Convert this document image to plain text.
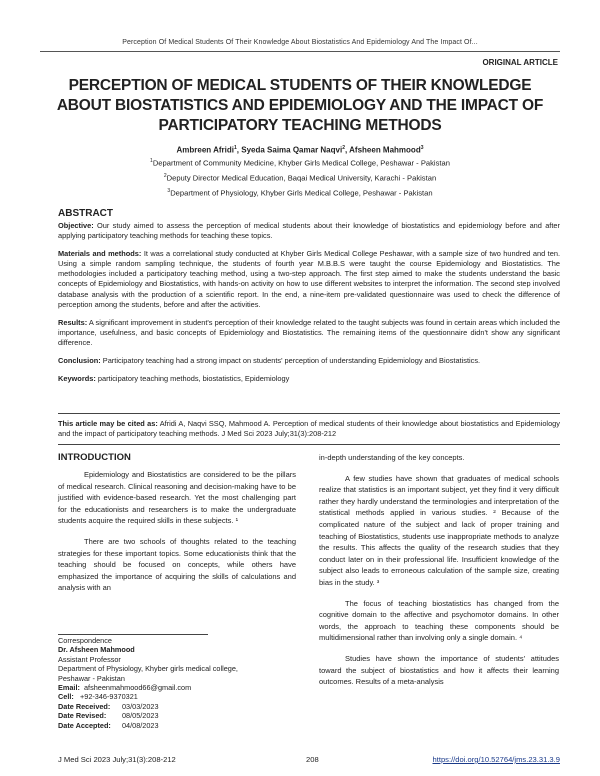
Perception Of Medical Students Of Their Knowledge About Biostatistics And Epidemiology And The Impact Of...
ORIGINAL ARTICLE
PERCEPTION OF MEDICAL STUDENTS OF THEIR KNOWLEDGE ABOUT BIOSTATISTICS AND EPIDEMIOLOGY AND THE IMPACT OF PARTICIPATORY TEACHING METHODS
Ambreen Afridi$^1$, Syeda Saima Qamar Naqvi$^2$, Afsheen Mahmood$^3$
$^1$Department of Community Medicine, Khyber Girls Medical College, Peshawar - Pakistan
$^2$Deputy Director Medical Education, Baqai Medical University, Karachi - Pakistan
$^3$Department of Physiology, Khyber Girls Medical College, Peshawar - Pakistan
ABSTRACT

Objective: Our study aimed to assess the perception of medical students about their knowledge of biostatistics and epidemiology before and after applying participatory teaching methods for teaching these topics.

Materials and methods: It was a correlational study conducted at Khyber Girls Medical College Peshawar, with a sample size of two hundred and ten. Using a simple random sampling technique, the students of fourth year M.B.B.S were taught the course Epidemiology and Biostatistics. The methodologies included a participatory teaching method, using a two-step approach. The first step aimed to make the students understand the basic concepts of Epidemiology and Biostatistics, with hands-on activity on how to use different websites to interpret the information. The second step involved database analysis with the production of a scientific report. In the end, a nine-item pre-validated questionnaire was used to check the difference of perception among the students, before and after the activities.

Results: A significant improvement in student's perception of their knowledge related to the taught subjects was found in certain areas which included the importance, usefulness, and basic concepts of Epidemiology and Biostatistics. The remaining items of the questionnaire didn't show any significant difference.

Conclusion: Participatory teaching had a strong impact on students' perception of understanding Epidemiology and Biostatistics.

Keywords: participatory teaching methods, biostatistics, Epidemiology

This article may be cited as: Afridi A, Naqvi SSQ, Mahmood A. Perception of medical students of their knowledge about biostatistics and Epidemiology and the impact of participatory teaching methods. J Med Sci 2023 July;31(3):208-212
INTRODUCTION

Epidemiology and Biostatistics are considered to be the pillars of medical research. Clinical reasoning and decision-making have to be justified with evidence-based research. Yet the most challenging part for the educationists and researchers is to make the undergraduate students acquire the required skills in these subjects. ¹

There are two schools of thoughts related to the teaching strategies for these important topics. Some educationists think that the teaching should be focused on concepts, while others have emphasized the importance of acquiring the skills of calculations and analysis with an

in-depth understanding of the key concepts.

A few studies have shown that graduates of medical schools realize that statistics is an important subject, yet they find it very difficult rather they hardly understand the terminologies and interpretation of the statistical methods applied in various studies. ² Because of the complicated nature of the subject and lack of proper training and teaching of Biostatistics, students use inappropriate methods to analyze the results. This affects the quality of the research studies that they conduct later on in their professional life. Insufficient knowledge of the subject also leads to erroneous calculation of the sample size, creating bias in the study. ³

The focus of teaching biostatistics has changed from the cognitive domain to the affective and psychomotor domains. In other words, the approach to teaching these components should be multidimensional rather than involving only a single domain. ⁴

Studies have shown the importance of students' attitudes toward the subject of biostatistics and how it affects their learning outcomes. Results of a meta-analysis

Correspondence
Dr. Afsheen Mahmood
Assistant Professor
Department of Physiology, Khyber girls medical college,
Peshawar - Pakistan
Email: afsheenmahmood66@gmail.com
Cell: +92-346-9370321
Date Received:	03/03/2023
Date Revised:	08/05/2023
Date Accepted:	04/08/2023
J Med Sci 2023 July;31(3):208-212	208	https://doi.org/10.52764/jms.23.31.3.9
